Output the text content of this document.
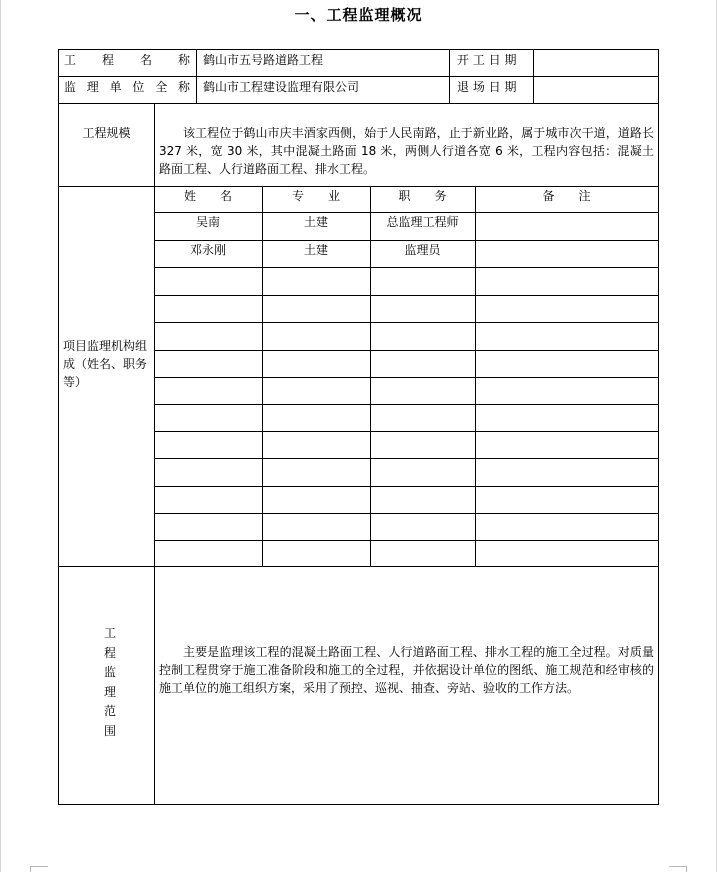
一、工程监理概况
工　　程　　名　　称 鹤山市五号路道路工程	开 工 日 期
监 理 单 位 全 称 鹤山市工程建设监理有限公司	退 场 日 期
工程规模	该工程位于鹤山市庆丰酒家西侧，始于人民南路，止于新业路，属于城市次干道，道路长 327 米，宽 30 米，其中混凝土路面 18 米，两侧人行道各宽 6 米，工程内容包括：混凝土路面工程、人行道路面工程、排水工程。
项目监理机构组成（姓名、职务等）
姓　　名	专　　业	职　　务	备　　注
吴南	土建	总监理工程师
邓永刚	土建	监理员
工
程
监
理
范
围
主要是监理该工程的混凝土路面工程、人行道路面工程、排水工程的施工全过程。对质量控制工程贯穿于施工准备阶段和施工的全过程，并依据设计单位的图纸、施工规范和经审核的施工单位的施工组织方案，采用了预控、巡视、抽查、旁站、验收的工作方法。
